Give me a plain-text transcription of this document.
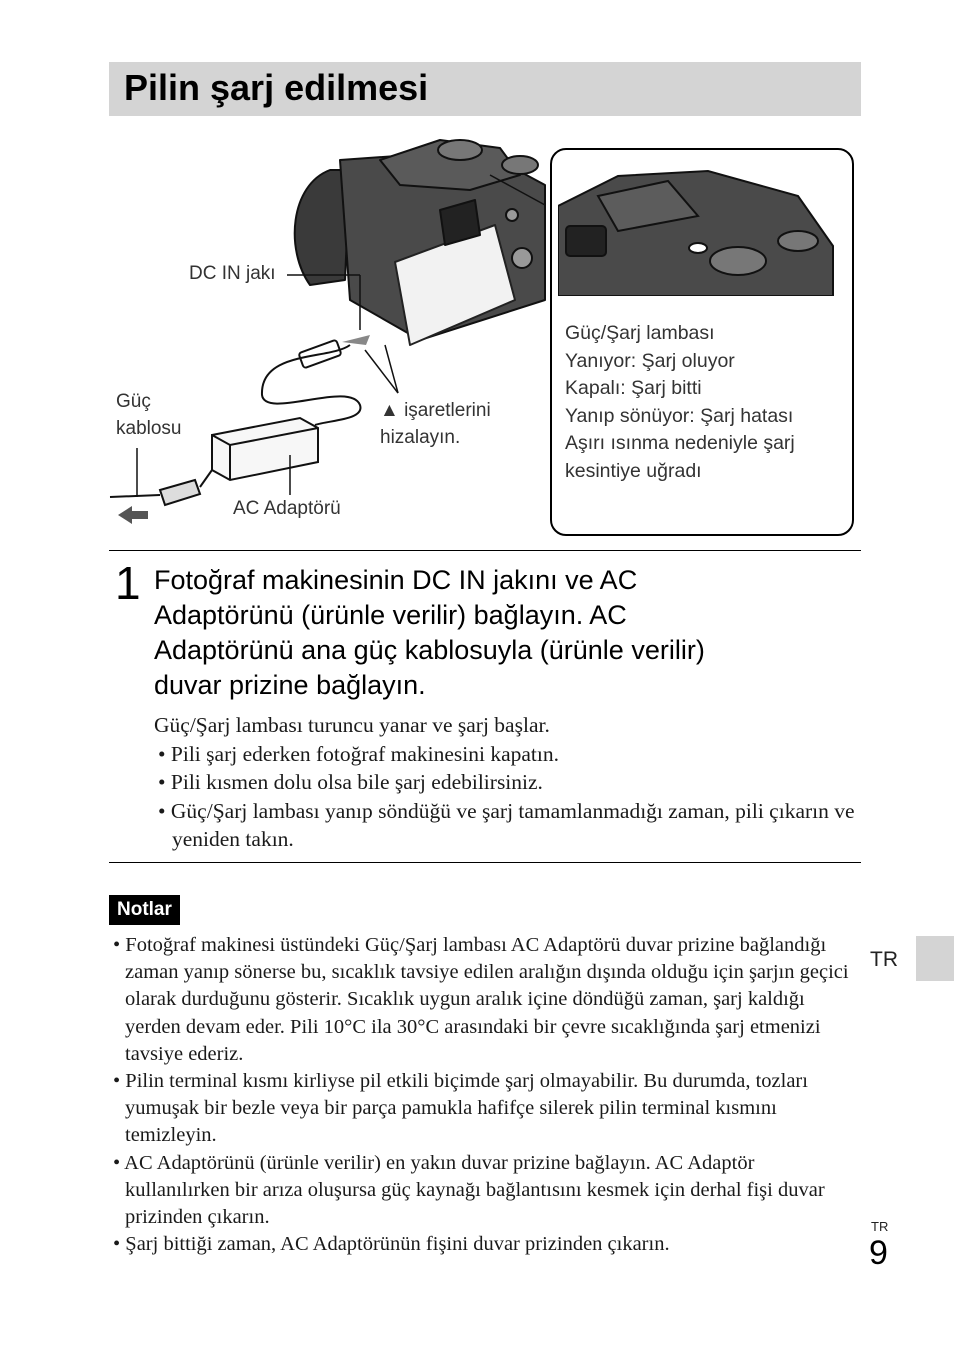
Pilin şarj edilmesi
Güç/Şarj lambası
Yanıyor: Şarj oluyor
Kapalı: Şarj bitti
Yanıp sönüyor: Şarj hatası
Aşırı ısınma nedeniyle şarj
kesintiye uğradı
DC IN jakı
Güç
kablosu
▲ işaretlerini
hizalayın.
AC Adaptörü
1 Fotoğraf makinesinin DC IN jakını ve AC
Adaptörünü (ürünle verilir) bağlayın. AC
Adaptörünü ana güç kablosuyla (ürünle verilir)
duvar prizine bağlayın.
Güç/Şarj lambası turuncu yanar ve şarj başlar.
• Pili şarj ederken fotoğraf makinesini kapatın.
• Pili kısmen dolu olsa bile şarj edebilirsiniz.
• Güç/Şarj lambası yanıp söndüğü ve şarj tamamlanmadığı zaman, pili çıkarın ve yeniden takın.
Notlar
• Fotoğraf makinesi üstündeki Güç/Şarj lambası AC Adaptörü duvar prizine bağlandığı zaman yanıp sönerse bu, sıcaklık tavsiye edilen aralığın dışında olduğu için şarjın geçici olarak durduğunu gösterir. Sıcaklık uygun aralık içine döndüğü zaman, şarj kaldığı yerden devam eder. Pili 10°C ila 30°C arasındaki bir çevre sıcaklığında şarj etmenizi tavsiye ederiz.
• Pilin terminal kısmı kirliyse pil etkili biçimde şarj olmayabilir. Bu durumda, tozları yumuşak bir bezle veya bir parça pamukla hafifçe silerek pilin terminal kısmını temizleyin.
• AC Adaptörünü (ürünle verilir) en yakın duvar prizine bağlayın. AC Adaptör kullanılırken bir arıza oluşursa güç kaynağı bağlantısını kesmek için derhal fişi duvar prizinden çıkarın.
• Şarj bittiği zaman, AC Adaptörünün fişini duvar prizinden çıkarın.
TR
TR
9
